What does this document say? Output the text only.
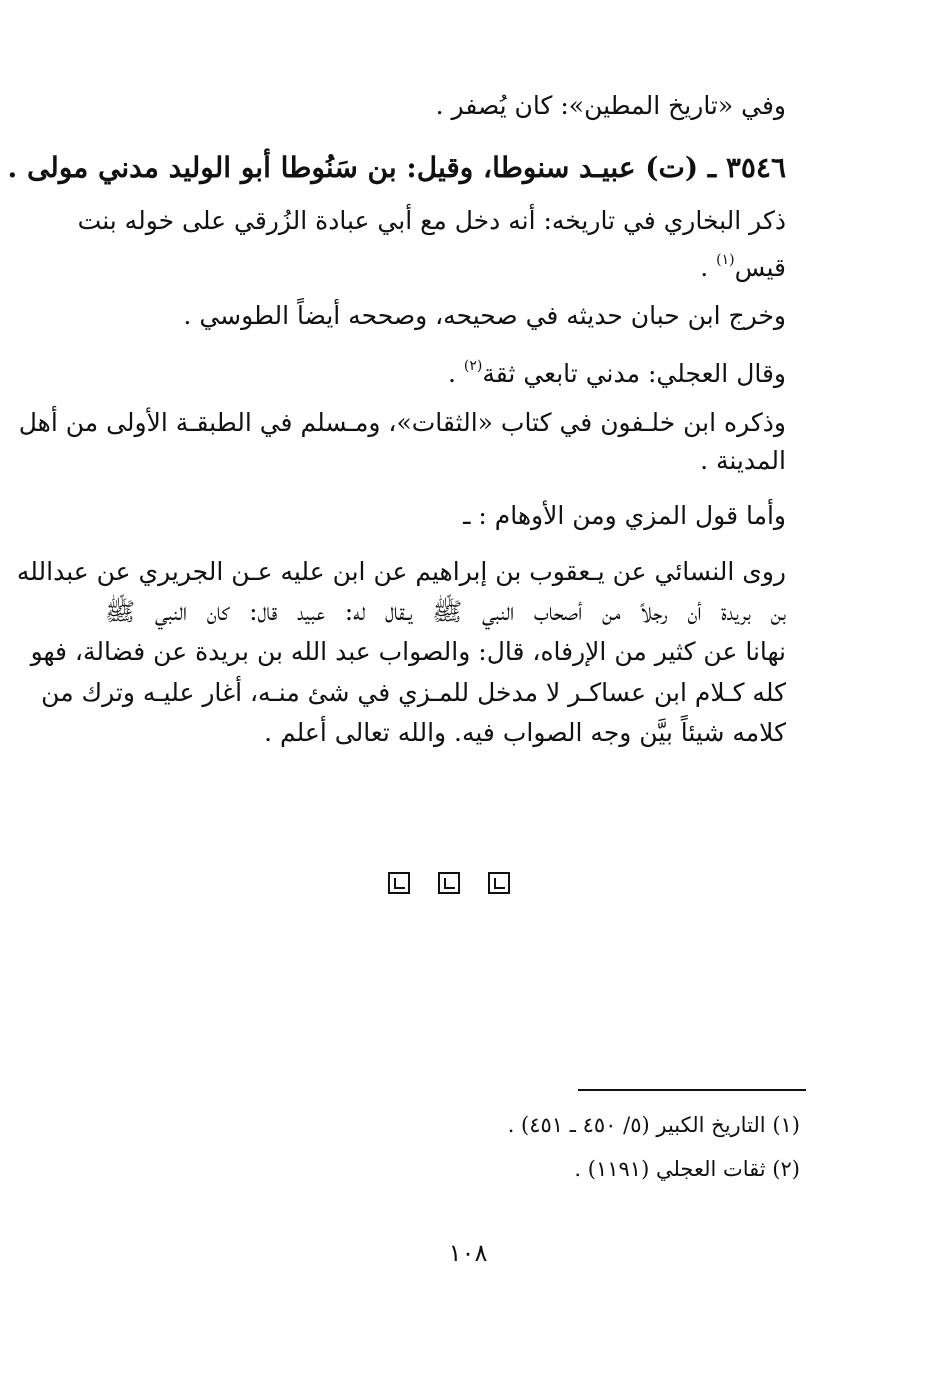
وفي «تاريخ المطين»: كان يُصفر .
٣٥٤٦ ـ (ت) عبيـد سنوطا، وقيل: بن سَنُوطا أبو الوليد مدني مولى .
ذكر البخاري في تاريخه: أنه دخل مع أبي عبادة الزُرقي على خوله بنت
قيس$^{(١)}$ .
وخرج ابن حبان حديثه في صحيحه، وصححه أيضاً الطوسي .
وقال العجلي: مدني تابعي ثقة$^{(٢)}$ .
وذكره ابن خلـفون في كتاب «الثقات»، ومـسلم في الطبقـة الأولى من أهل
المدينة .
وأما قول المزي ومن الأوهام : ـ
روى النسائي عن يـعقوب بن إبراهيم عن ابن عليه عـن الجريري عن عبدالله
بن بريدة أن رجلاً من أصحاب النبي ﷺ يـقال له: عبيد قال: كان النبي ﷺ
نهانا عن كثير من الإرفاه، قال: والصواب عبد الله بن بريدة عن فضالة، فهو
كله كـلام ابن عساكـر لا مدخل للمـزي في شئ منـه، أغار عليـه وترك من
كلامه شيئاً بيَّن وجه الصواب فيه. والله تعالى أعلم .
(١) التاريخ الكبير (٥/ ٤٥٠ ـ ٤٥١) .
(٢) ثقات العجلي (١١٩١) .
١٠٨
